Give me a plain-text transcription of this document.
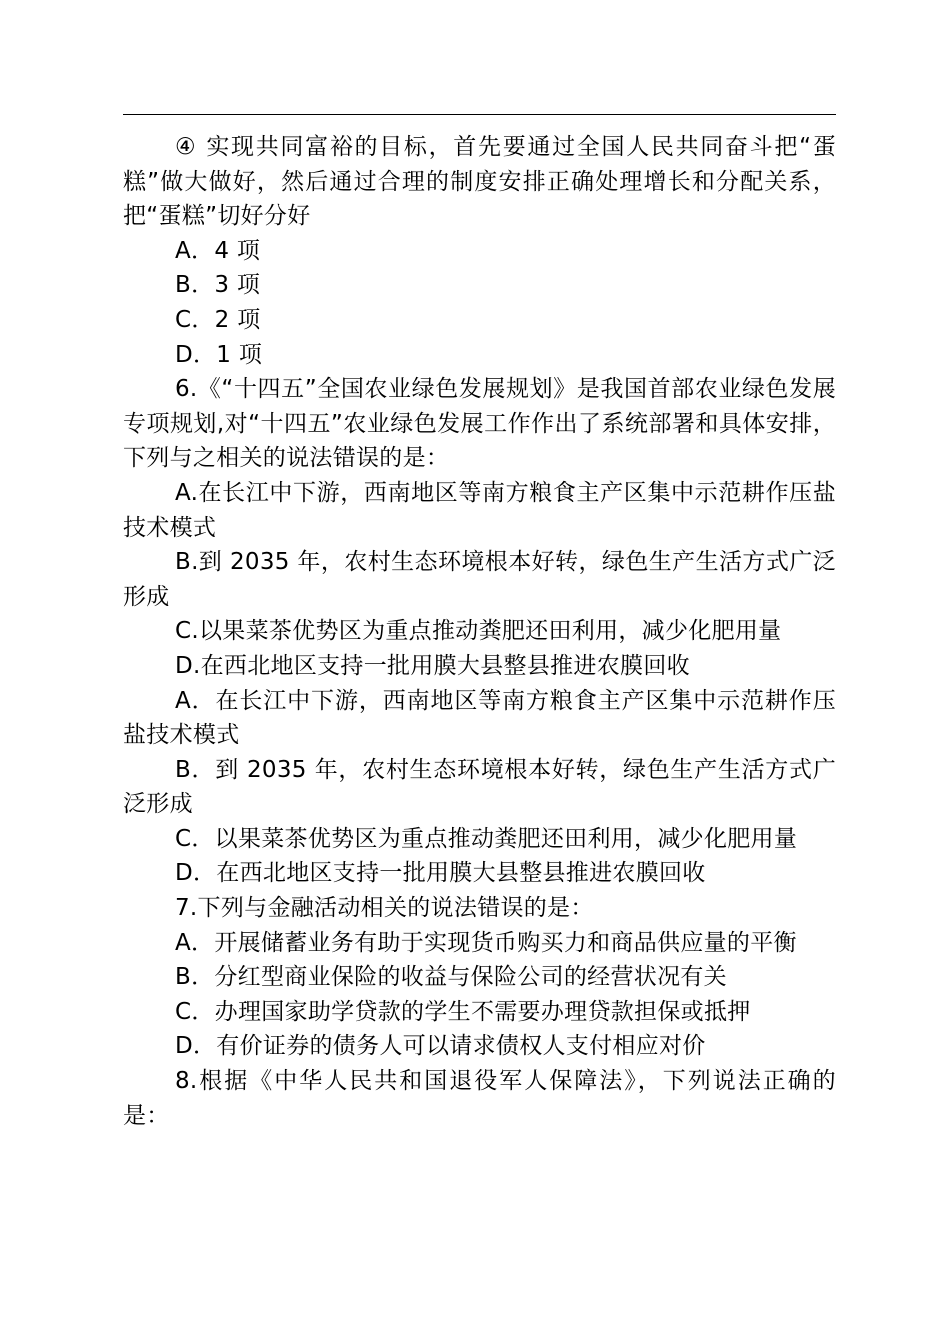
④ 实现共同富裕的目标，首先要通过全国人民共同奋斗把“蛋糕”做大做好，然后通过合理的制度安排正确处理增长和分配关系，把“蛋糕”切好分好

A．4 项

B．3 项

C．2 项

D．1 项

6.《“十四五”全国农业绿色发展规划》是我国首部农业绿色发展专项规划,对“十四五”农业绿色发展工作作出了系统部署和具体安排，下列与之相关的说法错误的是：

A.在长江中下游，西南地区等南方粮食主产区集中示范耕作压盐技术模式

B.到 2035 年，农村生态环境根本好转，绿色生产生活方式广泛形成

C.以果菜茶优势区为重点推动粪肥还田利用，减少化肥用量

D.在西北地区支持一批用膜大县整县推进农膜回收

A．在长江中下游，西南地区等南方粮食主产区集中示范耕作压盐技术模式

B．到 2035 年，农村生态环境根本好转，绿色生产生活方式广泛形成

C．以果菜茶优势区为重点推动粪肥还田利用，减少化肥用量

D．在西北地区支持一批用膜大县整县推进农膜回收

7.下列与金融活动相关的说法错误的是：

A．开展储蓄业务有助于实现货币购买力和商品供应量的平衡

B．分红型商业保险的收益与保险公司的经营状况有关

C．办理国家助学贷款的学生不需要办理贷款担保或抵押

D．有价证券的债务人可以请求债权人支付相应对价

8.根据《中华人民共和国退役军人保障法》，下列说法正确的是：
